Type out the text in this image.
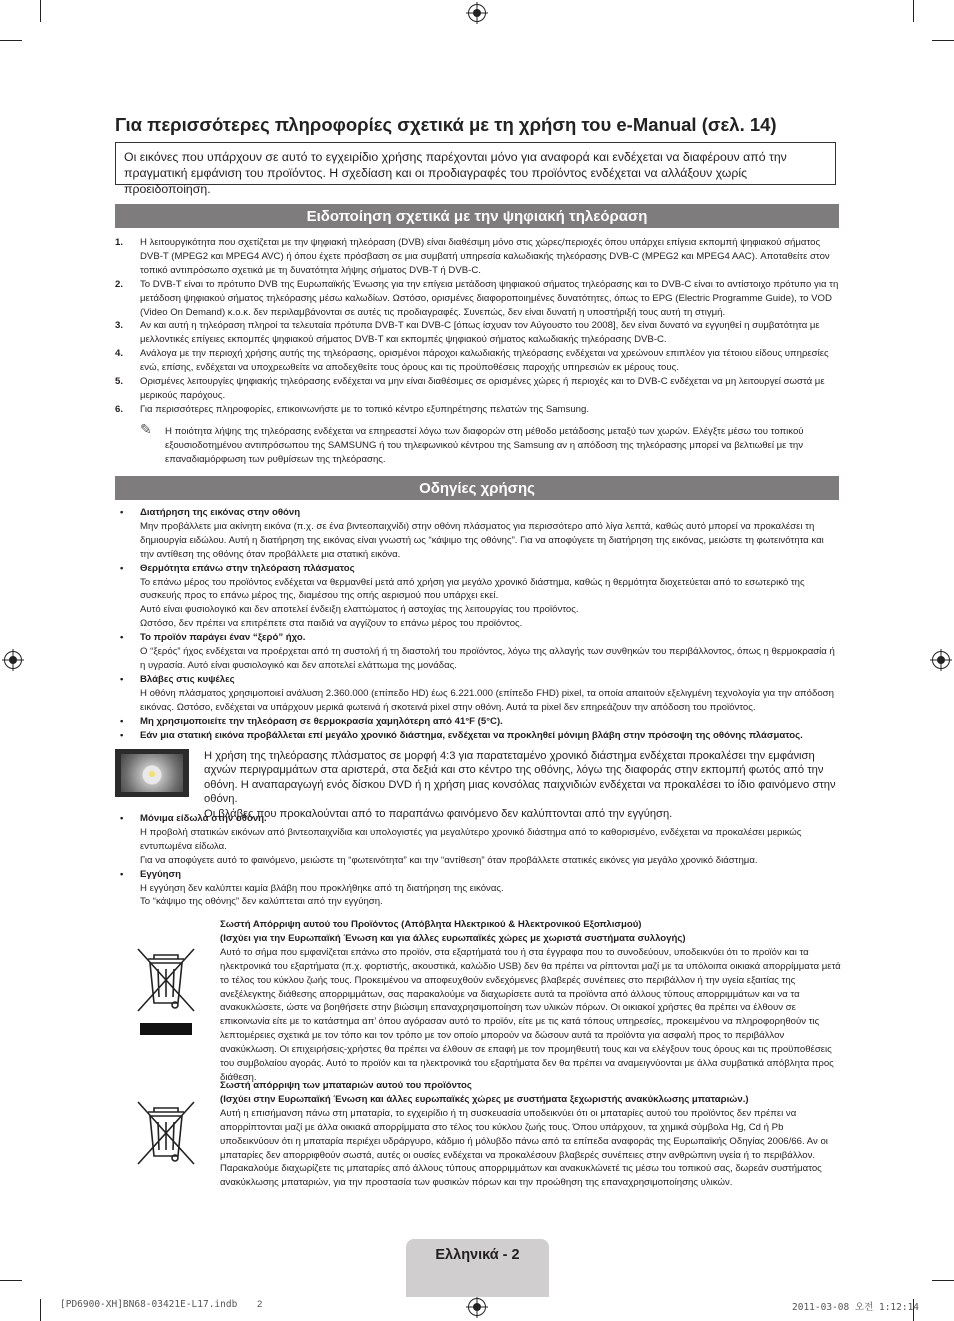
Για περισσότερες πληροφορίες σχετικά με τη χρήση του e-Manual (σελ. 14)
Οι εικόνες που υπάρχουν σε αυτό το εγχειρίδιο χρήσης παρέχονται μόνο για αναφορά και ενδέχεται να διαφέρουν από την πραγματική εμφάνιση του προϊόντος. Η σχεδίαση και οι προδιαγραφές του προϊόντος ενδέχεται να αλλάξουν χωρίς προειδοποίηση.
Ειδοποίηση σχετικά με την ψηφιακή τηλεόραση
1. Η λειτουργικότητα που σχετίζεται με την ψηφιακή τηλεόραση (DVB) είναι διαθέσιμη μόνο στις χώρες/περιοχές όπου υπάρχει επίγεια εκπομπή ψηφιακού σήματος DVB-T (MPEG2 και MPEG4 AVC) ή όπου έχετε πρόσβαση σε μια συμβατή υπηρεσία καλωδιακής τηλεόρασης DVB-C (MPEG2 και MPEG4 AAC). Αποταθείτε στον τοπικό αντιπρόσωπο σχετικά με τη δυνατότητα λήψης σήματος DVB-T ή DVB-C.
2. Το DVB-T είναι το πρότυπο DVB της Ευρωπαϊκής Ένωσης για την επίγεια μετάδοση ψηφιακού σήματος τηλεόρασης και το DVB-C είναι το αντίστοιχο πρότυπο για τη μετάδοση ψηφιακού σήματος τηλεόρασης μέσω καλωδίων. Ωστόσο, ορισμένες διαφοροποιημένες δυνατότητες, όπως το EPG (Electric Programme Guide), το VOD (Video On Demand) κ.ο.κ. δεν περιλαμβάνονται σε αυτές τις προδιαγραφές. Συνεπώς, δεν είναι δυνατή η υποστήριξή τους αυτή τη στιγμή.
3. Αν και αυτή η τηλεόραση πληροί τα τελευταία πρότυπα DVB-T και DVB-C [όπως ίσχυαν τον Αύγουστο του 2008], δεν είναι δυνατό να εγγυηθεί η συμβατότητα με μελλοντικές επίγειες εκπομπές ψηφιακού σήματος DVB-T και εκπομπές ψηφιακού σήματος καλωδιακής τηλεόρασης DVB-C.
4. Ανάλογα με την περιοχή χρήσης αυτής της τηλεόρασης, ορισμένοι πάροχοι καλωδιακής τηλεόρασης ενδέχεται να χρεώνουν επιπλέον για τέτοιου είδους υπηρεσίες ενώ, επίσης, ενδέχεται να υποχρεωθείτε να αποδεχθείτε τους όρους και τις προϋποθέσεις παροχής υπηρεσιών εκ μέρους τους.
5. Ορισμένες λειτουργίες ψηφιακής τηλεόρασης ενδέχεται να μην είναι διαθέσιμες σε ορισμένες χώρες ή περιοχές και το DVB-C ενδέχεται να μη λειτουργεί σωστά με μερικούς παρόχους.
6. Για περισσότερες πληροφορίες, επικοινωνήστε με το τοπικό κέντρο εξυπηρέτησης πελατών της Samsung.
✎ Η ποιότητα λήψης της τηλεόρασης ενδέχεται να επηρεαστεί λόγω των διαφορών στη μέθοδο μετάδοσης μεταξύ των χωρών. Ελέγξτε μέσω του τοπικού εξουσιοδοτημένου αντιπρόσωπου της SAMSUNG ή του τηλεφωνικού κέντρου της Samsung αν η απόδοση της τηλεόρασης μπορεί να βελτιωθεί με την επαναδιαμόρφωση των ρυθμίσεων της τηλεόρασης.
Οδηγίες χρήσης
• Διατήρηση της εικόνας στην οθόνη
Μην προβάλλετε μια ακίνητη εικόνα (π.χ. σε ένα βιντεοπαιχνίδι) στην οθόνη πλάσματος για περισσότερο από λίγα λεπτά, καθώς αυτό μπορεί να προκαλέσει τη δημιουργία ειδώλου. Αυτή η διατήρηση της εικόνας είναι γνωστή ως “κάψιμο της οθόνης”. Για να αποφύγετε τη διατήρηση της εικόνας, μειώστε τη φωτεινότητα και την αντίθεση της οθόνης όταν προβάλλετε μια στατική εικόνα.
• Θερμότητα επάνω στην τηλεόραση πλάσματος
Το επάνω μέρος του προϊόντος ενδέχεται να θερμανθεί μετά από χρήση για μεγάλο χρονικό διάστημα, καθώς η θερμότητα διοχετεύεται από το εσωτερικό της συσκευής προς το επάνω μέρος της, διαμέσου της οπής αερισμού που υπάρχει εκεί.
Αυτό είναι φυσιολογικό και δεν αποτελεί ένδειξη ελαττώματος ή αστοχίας της λειτουργίας του προϊόντος.
Ωστόσο, δεν πρέπει να επιτρέπετε στα παιδιά να αγγίζουν το επάνω μέρος του προϊόντος.
• Το προϊόν παράγει έναν “ξερό” ήχο.
Ο “ξερός” ήχος ενδέχεται να προέρχεται από τη συστολή ή τη διαστολή του προϊόντος, λόγω της αλλαγής των συνθηκών του περιβάλλοντος, όπως η θερμοκρασία ή η υγρασία. Αυτό είναι φυσιολογικό και δεν αποτελεί ελάττωμα της μονάδας.
• Βλάβες στις κυψέλες
Η οθόνη πλάσματος χρησιμοποιεί ανάλυση 2.360.000 (επίπεδο HD) έως 6.221.000 (επίπεδο FHD) pixel, τα οποία απαιτούν εξελιγμένη τεχνολογία για την απόδοση εικόνας. Ωστόσο, ενδέχεται να υπάρχουν μερικά φωτεινά ή σκοτεινά pixel στην οθόνη. Αυτά τα pixel δεν επηρεάζουν την απόδοση του προϊόντος.
• Μη χρησιμοποιείτε την τηλεόραση σε θερμοκρασία χαμηλότερη από 41°F (5°C).
• Εάν μια στατική εικόνα προβάλλεται επί μεγάλο χρονικό διάστημα, ενδέχεται να προκληθεί μόνιμη βλάβη στην πρόσοψη της οθόνης πλάσματος.
Η χρήση της τηλεόρασης πλάσματος σε μορφή 4:3 για παρατεταμένο χρονικό διάστημα ενδέχεται προκαλέσει την εμφάνιση αχνών περιγραμμάτων στα αριστερά, στα δεξιά και στο κέντρο της οθόνης, λόγω της διαφοράς στην εκπομπή φωτός από την οθόνη. Η αναπαραγωγή ενός δίσκου DVD ή η χρήση μιας κονσόλας παιχνιδιών ενδέχεται να προκαλέσει το ίδιο φαινόμενο στην οθόνη.
Οι βλάβες που προκαλούνται από το παραπάνω φαινόμενο δεν καλύπτονται από την εγγύηση.
• Μόνιμα είδωλα στην οθόνη.
Η προβολή στατικών εικόνων από βιντεοπαιχνίδια και υπολογιστές για μεγαλύτερο χρονικό διάστημα από το καθορισμένο, ενδέχεται να προκαλέσει μερικώς εντυπωμένα είδωλα.
Για να αποφύγετε αυτό το φαινόμενο, μειώστε τη “φωτεινότητα” και την “αντίθεση” όταν προβάλλετε στατικές εικόνες για μεγάλο χρονικό διάστημα.
• Εγγύηση
Η εγγύηση δεν καλύπτει καμία βλάβη που προκλήθηκε από τη διατήρηση της εικόνας.
Το “κάψιμο της οθόνης” δεν καλύπτεται από την εγγύηση.
Σωστή Απόρριψη αυτού του Προϊόντος (Απόβλητα Ηλεκτρικού & Ηλεκτρονικού Εξοπλισμού)
(Ισχύει για την Ευρωπαϊκή Ένωση και για άλλες ευρωπαϊκές χώρες με χωριστά συστήματα συλλογής)
Αυτό το σήμα που εμφανίζεται επάνω στο προϊόν, στα εξαρτήματά του ή στα έγγραφα που το συνοδεύουν, υποδεικνύει ότι το προϊόν και τα ηλεκτρονικά του εξαρτήματα (π.χ. φορτιστής, ακουστικά, καλώδιο USB) δεν θα πρέπει να ρίπτονται μαζί με τα υπόλοιπα οικιακά απορρίμματα μετά το τέλος του κύκλου ζωής τους. Προκειμένου να αποφευχθούν ενδεχόμενες βλαβερές συνέπειες στο περιβάλλον ή την υγεία εξαιτίας της ανεξέλεγκτης διάθεσης απορριμμάτων, σας παρακαλούμε να διαχωρίσετε αυτά τα προϊόντα από άλλους τύπους απορριμμάτων και να τα ανακυκλώσετε, ώστε να βοηθήσετε στην βιώσιμη επαναχρησιμοποίηση των υλικών πόρων. Οι οικιακοί χρήστες θα πρέπει να έλθουν σε επικοινωνία είτε με το κατάστημα απ’ όπου αγόρασαν αυτό το προϊόν, είτε με τις κατά τόπους υπηρεσίες, προκειμένου να πληροφορηθούν τις λεπτομέρειες σχετικά με τον τόπο και τον τρόπο με τον οποίο μπορούν να δώσουν αυτά τα προϊόντα για ασφαλή προς το περιβάλλον ανακύκλωση. Οι επιχειρήσεις-χρήστες θα πρέπει να έλθουν σε επαφή με τον προμηθευτή τους και να ελέγξουν τους όρους και τις προϋποθέσεις του συμβολαίου αγοράς. Αυτό το προϊόν και τα ηλεκτρονικά του εξαρτήματα δεν θα πρέπει να αναμειγνύονται με άλλα συμβατικά απόβλητα προς διάθεση.
Σωστή απόρριψη των μπαταριών αυτού του προϊόντος
(Ισχύει στην Ευρωπαϊκή Ένωση και άλλες ευρωπαϊκές χώρες με συστήματα ξεχωριστής ανακύκλωσης μπαταριών.)
Αυτή η επισήμανση πάνω στη μπαταρία, το εγχειρίδιο ή τη συσκευασία υποδεικνύει ότι οι μπαταρίες αυτού του προϊόντος δεν πρέπει να απορρίπτονται μαζί με άλλα οικιακά απορρίμματα στο τέλος του κύκλου ζωής τους. Όπου υπάρχουν, τα χημικά σύμβολα Hg, Cd ή Pb υποδεικνύουν ότι η μπαταρία περιέχει υδράργυρο, κάδμιο ή μόλυβδο πάνω από τα επίπεδα αναφοράς της Ευρωπαϊκής Οδηγίας 2006/66. Αν οι μπαταρίες δεν απορριφθούν σωστά, αυτές οι ουσίες ενδέχεται να προκαλέσουν βλαβερές συνέπειες στην ανθρώπινη υγεία ή το περιβάλλον. Παρακαλούμε διαχωρίζετε τις μπαταρίες από άλλους τύπους απορριμμάτων και ανακυκλώνετέ τις μέσω του τοπικού σας, δωρεάν συστήματος ανακύκλωσης μπαταριών, για την προστασία των φυσικών πόρων και την προώθηση της επαναχρησιμοποίησης υλικών.
Ελληνικά - 2
[PD6900-XH]BN68-03421E-L17.indb 2	2011-03-08 오전 1:12:14
